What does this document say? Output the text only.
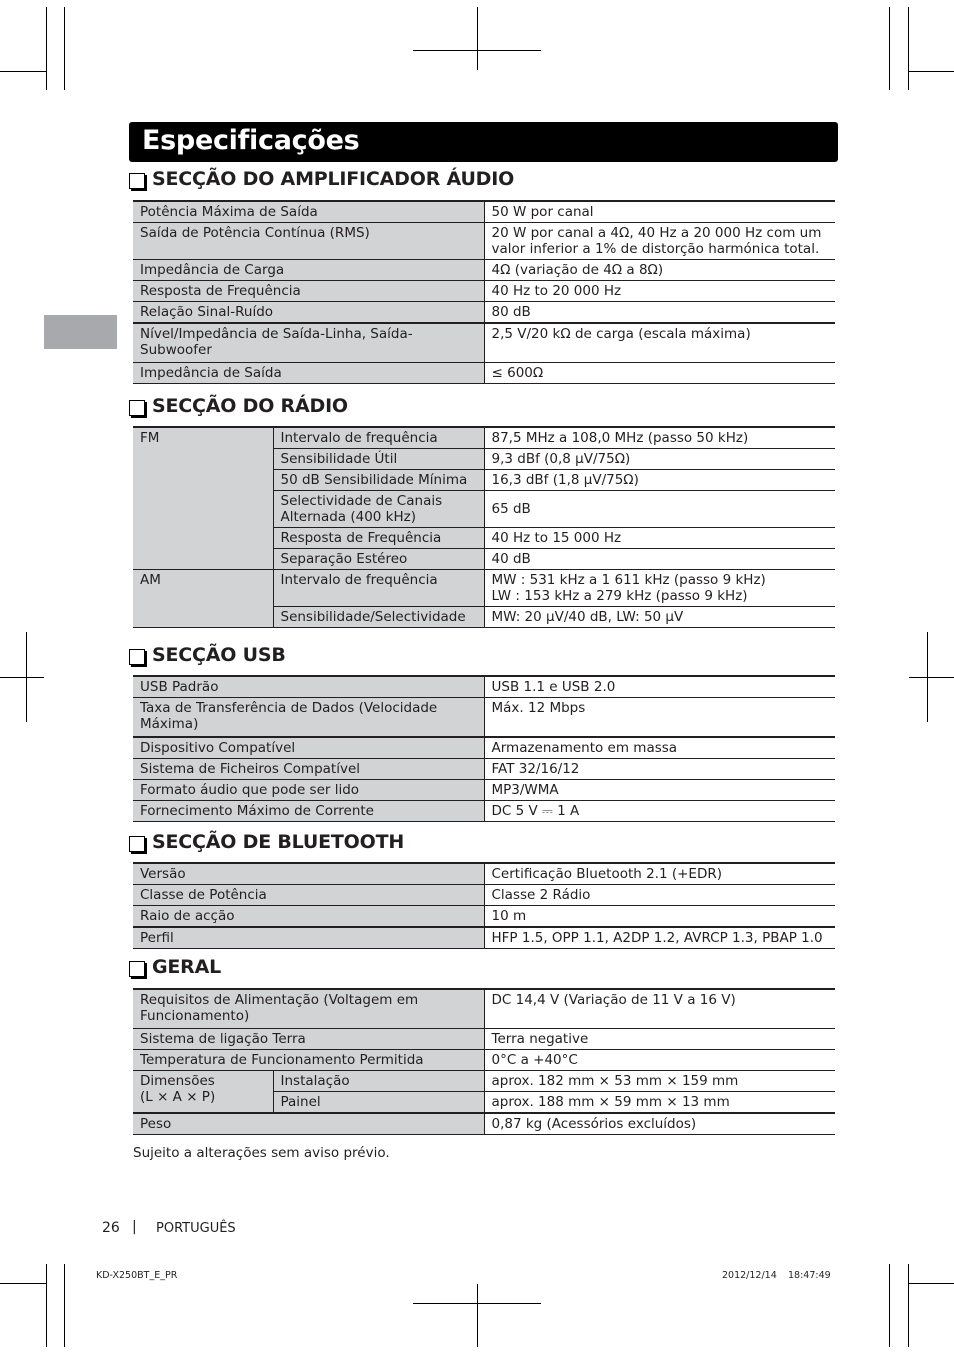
Especificações
SECÇÃO DO AMPLIFICADOR ÁUDIO
Potência Máxima de Saída	50 W por canal
Saída de Potência Contínua (RMS)	20 W por canal a 4Ω, 40 Hz a 20 000 Hz com um valor inferior a 1% de distorção harmónica total.
Impedância de Carga	4Ω (variação de 4Ω a 8Ω)
Resposta de Frequência	40 Hz to 20 000 Hz
Relação Sinal-Ruído	80 dB
Nível/Impedância de Saída-Linha, Saída-Subwoofer	2,5 V/20 kΩ de carga (escala máxima)
Impedância de Saída	≤ 600Ω
SECÇÃO DO RÁDIO
FM	Intervalo de frequência	87,5 MHz a 108,0 MHz (passo 50 kHz)
	Sensibilidade Útil	9,3 dBf (0,8 μV/75Ω)
	50 dB Sensibilidade Mínima	16,3 dBf (1,8 μV/75Ω)
	Selectividade de Canais Alternada (400 kHz)	65 dB
	Resposta de Frequência	40 Hz to 15 000 Hz
	Separação Estéreo	40 dB
AM	Intervalo de frequência	MW : 531 kHz a 1 611 kHz (passo 9 kHz)
LW : 153 kHz a 279 kHz (passo 9 kHz)

	Sensibilidade/Selectividade	MW: 20 μV/40 dB, LW: 50 μV
SECÇÃO USB
USB Padrão	USB 1.1 e USB 2.0
Taxa de Transferência de Dados (Velocidade Máxima)	Máx. 12 Mbps
Dispositivo Compatível	Armazenamento em massa
Sistema de Ficheiros Compatível	FAT 32/16/12
Formato áudio que pode ser lido	MP3/WMA
Fornecimento Máximo de Corrente	DC 5 V ⎓ 1 A
SECÇÃO DE BLUETOOTH
Versão	Certificação Bluetooth 2.1 (+EDR)
Classe de Potência	Classe 2 Rádio
Raio de acção	10 m
Perfil	HFP 1.5, OPP 1.1, A2DP 1.2, AVRCP 1.3, PBAP 1.0
GERAL
Requisitos de Alimentação (Voltagem em Funcionamento)		DC 14,4 V (Variação de 11 V a 16 V)
Sistema de ligação Terra		Terra negative
Temperatura de Funcionamento Permitida		0°C a +40°C

Dimensões
(L × A × P)	Instalação	aprox. 182 mm × 53 mm × 159 mm
	Painel	aprox. 188 mm × 59 mm × 13 mm
Peso		0,87 kg (Acessórios excluídos)
Sujeito a alterações sem aviso prévio.
26 | PORTUGUÊS
KD-X250BT_E_PR	2012/12/14 18:47:49
